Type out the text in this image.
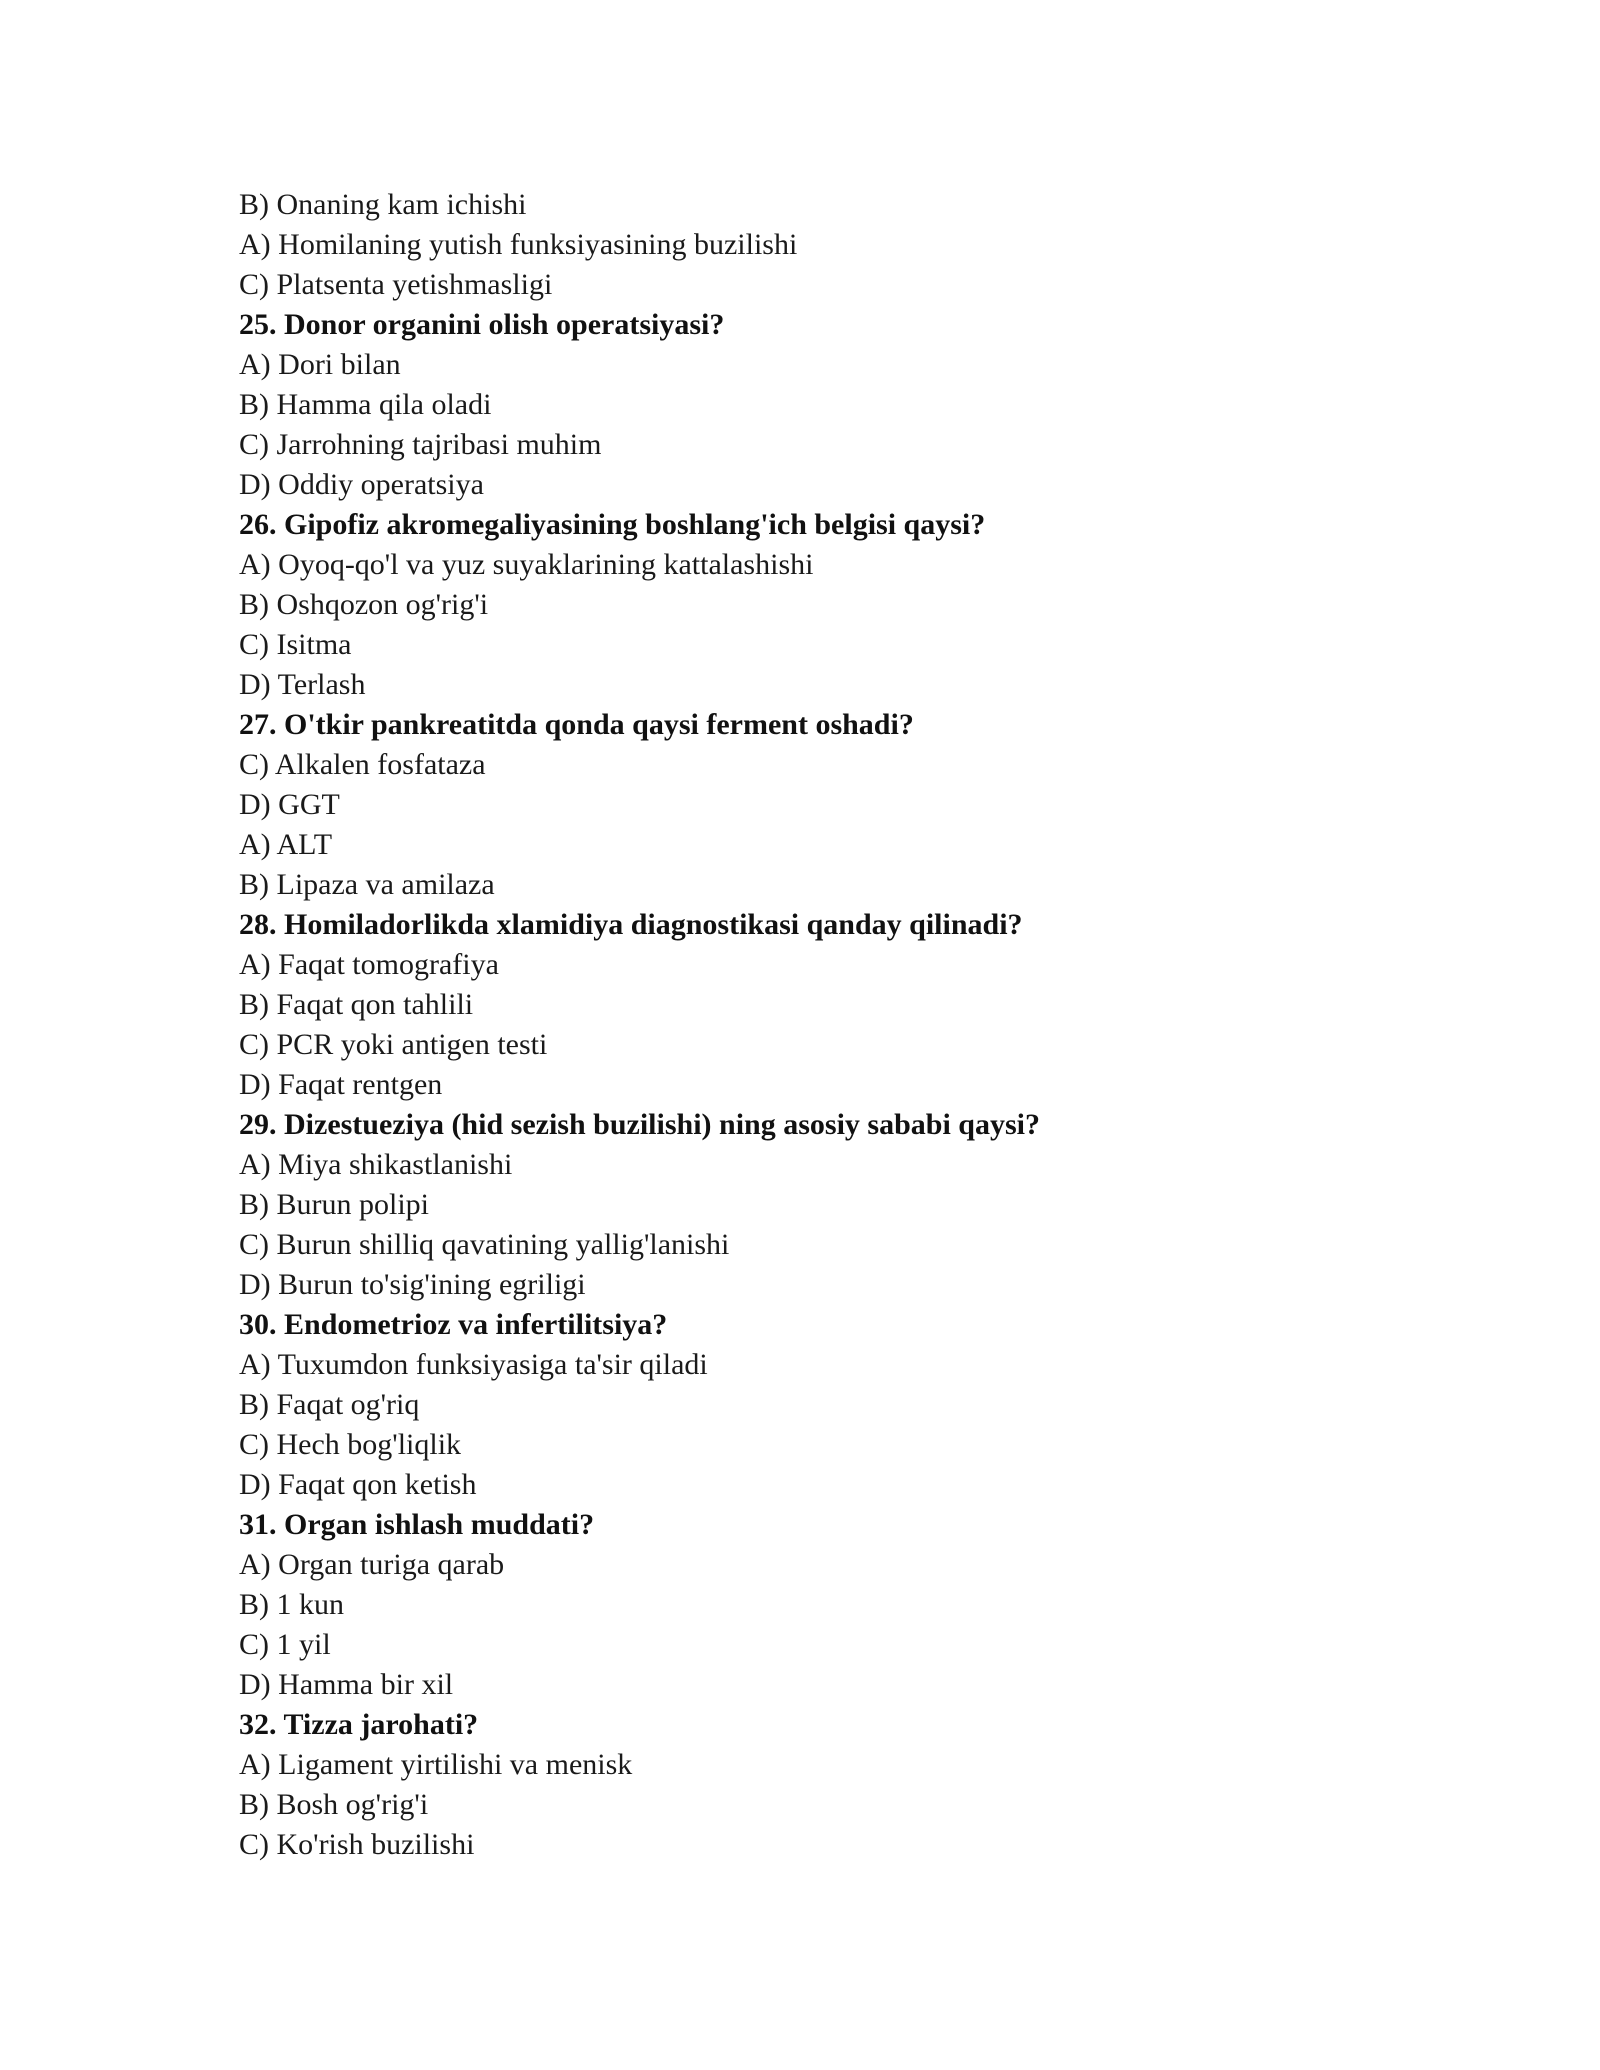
B) Onaning kam ichishi
A) Homilaning yutish funksiyasining buzilishi
C) Platsenta yetishmasligi
25. Donor organini olish operatsiyasi?
A) Dori bilan
B) Hamma qila oladi
C) Jarrohning tajribasi muhim
D) Oddiy operatsiya
26. Gipofiz akromegaliyasining boshlang'ich belgisi qaysi?
A) Oyoq-qo'l va yuz suyaklarining kattalashishi
B) Oshqozon og'rig'i
C) Isitma
D) Terlash
27. O'tkir pankreatitda qonda qaysi ferment oshadi?
C) Alkalen fosfataza
D) GGT
A) ALT
B) Lipaza va amilaza
28. Homiladorlikda xlamidiya diagnostikasi qanday qilinadi?
A) Faqat tomografiya
B) Faqat qon tahlili
C) PCR yoki antigen testi
D) Faqat rentgen
29. Dizestueziya (hid sezish buzilishi) ning asosiy sababi qaysi?
A) Miya shikastlanishi
B) Burun polipi
C) Burun shilliq qavatining yallig'lanishi
D) Burun to'sig'ining egriligi
30. Endometrioz va infertilitsiya?
A) Tuxumdon funksiyasiga ta'sir qiladi
B) Faqat og'riq
C) Hech bog'liqlik
D) Faqat qon ketish
31. Organ ishlash muddati?
A) Organ turiga qarab
B) 1 kun
C) 1 yil
D) Hamma bir xil
32. Tizza jarohati?
A) Ligament yirtilishi va menisk
B) Bosh og'rig'i
C) Ko'rish buzilishi
